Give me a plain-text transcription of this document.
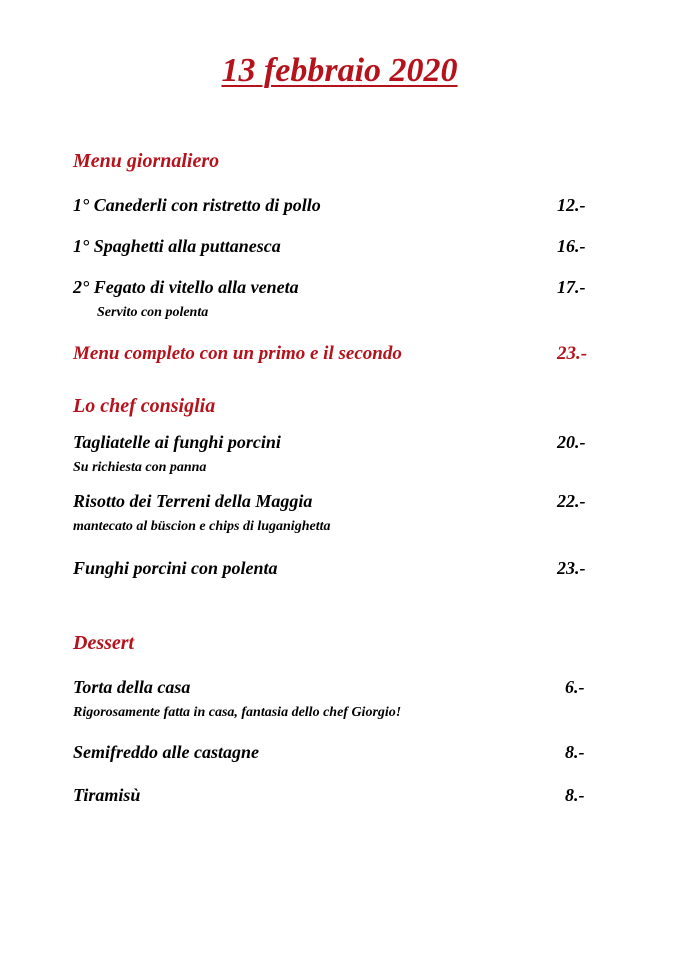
13 febbraio 2020
Menu giornaliero
1° Canederli con ristretto di pollo	12.-
1° Spaghetti alla puttanesca	16.-
2° Fegato di vitello alla veneta	17.-
Servito con polenta
Menu completo con un primo e il secondo	23.-
Lo chef consiglia
Tagliatelle ai funghi porcini	20.-
Su richiesta con panna
Risotto dei Terreni della Maggia	22.-
mantecato al büscion e chips di luganighetta
Funghi porcini con polenta	23.-
Dessert
Torta della casa	6.-
Rigorosamente fatta in casa, fantasia dello chef Giorgio!
Semifreddo alle castagne	8.-
Tiramisù	8.-
